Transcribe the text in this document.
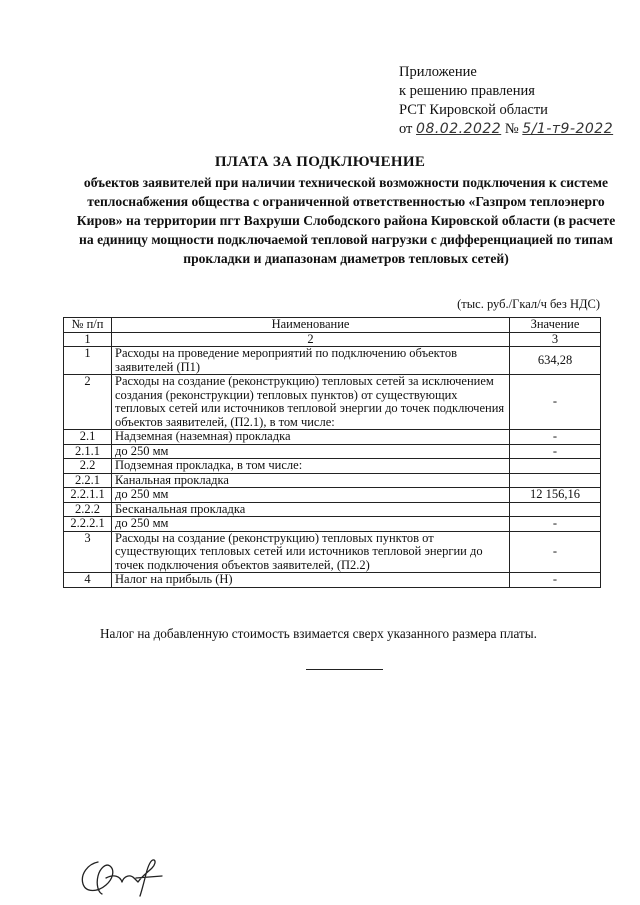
Приложение
к решению правления
РСТ Кировской области
от 08.02.2022 № 5/1-т9-2022
ПЛАТА ЗА ПОДКЛЮЧЕНИЕ
объектов заявителей при наличии технической возможности подключения к системе теплоснабжения общества с ограниченной ответственностью «Газпром теплоэнерго Киров» на территории пгт Вахруши Слободского района Кировской области (в расчете на единицу мощности подключаемой тепловой нагрузки с дифференциацией по типам прокладки и диапазонам диаметров тепловых сетей)
(тыс. руб./Гкал/ч без НДС)
№ п/п	Наименование	Значение
1	2	3
1	Расходы на проведение мероприятий по подключению объектов заявителей (П1)	634,28
2	Расходы на создание (реконструкцию) тепловых сетей за исключением создания (реконструкции) тепловых пунктов) от существующих тепловых сетей или источников тепловой энергии до точек подключения объектов заявителей, (П2.1), в том числе:	-
2.1	Надземная (наземная) прокладка	-
2.1.1	до 250 мм	-
2.2	Подземная прокладка, в том числе:	
2.2.1	Канальная прокладка	
2.2.1.1	до 250 мм	12 156,16
2.2.2	Бесканальная прокладка	
2.2.2.1	до 250 мм	-
3	Расходы на создание (реконструкцию) тепловых пунктов от существующих тепловых сетей или источников тепловой энергии до точек подключения объектов заявителей, (П2.2)	-
4	Налог на прибыль (Н)	-
Налог на добавленную стоимость взимается сверх указанного размера платы.
